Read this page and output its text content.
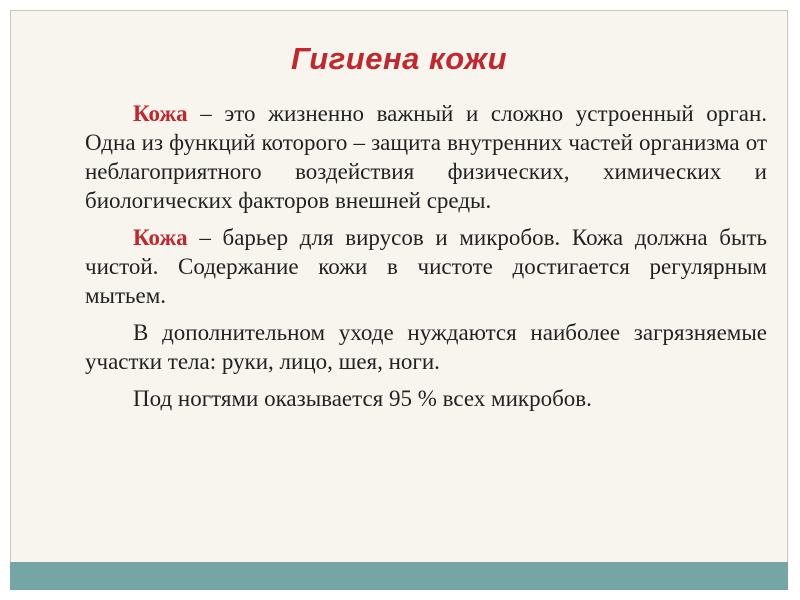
Гигиена кожи

Кожа – это жизненно важный и сложно устроенный орган. Одна из функций которого – защита внутренних частей организма от неблагоприятного воздействия физических, химических и биологических факторов внешней среды.

Кожа – барьер для вирусов и микробов. Кожа должна быть чистой. Содержание кожи в чистоте достигается регулярным мытьем.

В дополнительном уходе нуждаются наиболее загрязняемые участки тела: руки, лицо, шея, ноги.

Под ногтями оказывается 95 % всех микробов.
